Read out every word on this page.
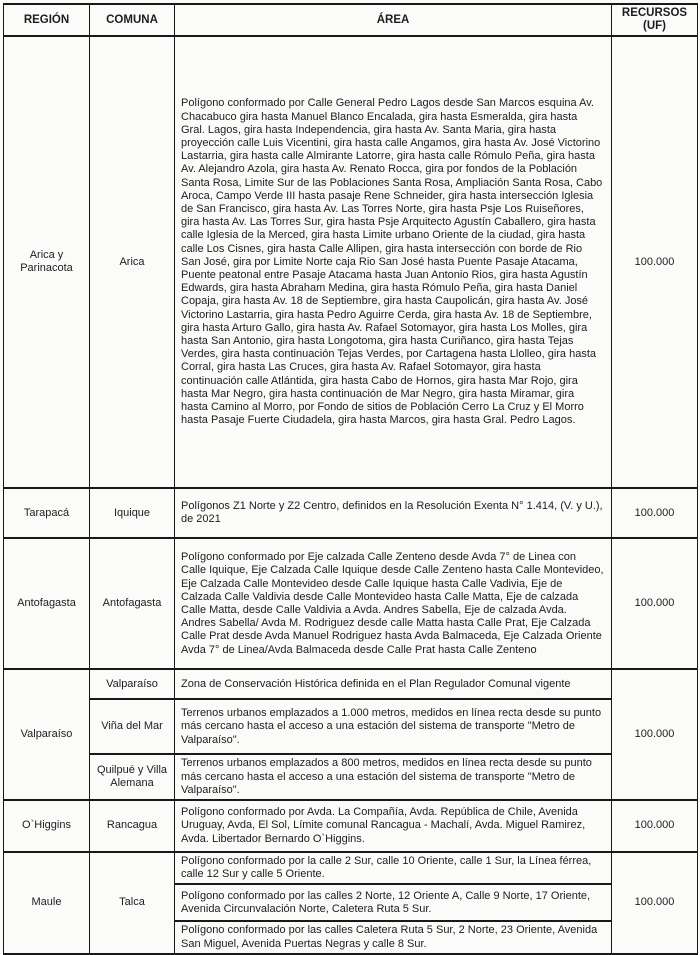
REGIÓN	COMUNA	ÁREA	RECURSOS (UF)
Arica y Parinacota	Arica	Polígono conformado por Calle General Pedro Lagos desde San Marcos esquina Av. Chacabuco gira hasta Manuel Blanco Encalada, gira hasta Esmeralda, gira hasta Gral. Lagos, gira hasta Independencia, gira hasta Av. Santa Maria, gira hasta proyección calle Luis Vicentini, gira hasta calle Angamos, gira hasta Av. José Victorino Lastarria, gira hasta calle Almirante Latorre, gira hasta calle Rómulo Peña, gira hasta Av. Alejandro Azola, gira hasta Av. Renato Rocca, gira por fondos de la Población Santa Rosa, Limite Sur de las Poblaciones Santa Rosa, Ampliación Santa Rosa, Cabo Aroca, Campo Verde III hasta pasaje Rene Schneider, gira hasta intersección Iglesia de San Francisco, gira hasta Av. Las Torres Norte, gira hasta Psje Los Ruiseñores, gira hasta Av. Las Torres Sur, gira hasta Psje Arquitecto Agustín Caballero, gira hasta calle Iglesia de la Merced, gira hasta Limite urbano Oriente de la ciudad, gira hasta calle Los Cisnes, gira hasta Calle Allipen, gira hasta intersección con borde de Rio San José, gira por Limite Norte caja Rio San José hasta Puente Pasaje Atacama, Puente peatonal entre Pasaje Atacama hasta Juan Antonio Rios, gira hasta Agustín Edwards, gira hasta Abraham Medina, gira hasta Rómulo Peña, gira hasta Daniel Copaja, gira hasta Av. 18 de Septiembre, gira hasta Caupolicán, gira hasta Av. José Victorino Lastarria, gira hasta Pedro Aguirre Cerda, gira hasta Av. 18 de Septiembre, gira hasta Arturo Gallo, gira hasta Av. Rafael Sotomayor, gira hasta Los Molles, gira hasta San Antonio, gira hasta Longotoma, gira hasta Curiñanco, gira hasta Tejas Verdes, gira hasta continuación Tejas Verdes, por Cartagena hasta Llolleo, gira hasta Corral, gira hasta Las Cruces, gira hasta Av. Rafael Sotomayor, gira hasta continuación calle Atlántida, gira hasta Cabo de Hornos, gira hasta Mar Rojo, gira hasta Mar Negro, gira hasta continuación de Mar Negro, gira hasta Miramar, gira hasta Camino al Morro, por Fondo de sitios de Población Cerro La Cruz y El Morro hasta Pasaje Fuerte Ciudadela, gira hasta Marcos, gira hasta Gral. Pedro Lagos.	100.000
Tarapacá	Iquique	Polígonos Z1 Norte y Z2 Centro, definidos en la Resolución Exenta N° 1.414, (V. y U.), de 2021	100.000
Antofagasta	Antofagasta	Polígono conformado por Eje calzada Calle Zenteno desde Avda 7° de Linea con Calle Iquique, Eje Calzada Calle Iquique desde Calle Zenteno hasta Calle Montevideo, Eje Calzada Calle Montevideo desde Calle Iquique hasta Calle Vadivia, Eje de Calzada Calle Valdivia desde Calle Montevideo hasta Calle Matta, Eje de calzada Calle Matta, desde Calle Valdivia a Avda. Andres Sabella, Eje de calzada Avda. Andres Sabella/ Avda M. Rodriguez desde calle Matta hasta Calle Prat, Eje Calzada Calle Prat desde Avda Manuel Rodriguez hasta Avda Balmaceda, Eje Calzada Oriente Avda 7° de Linea/Avda Balmaceda desde Calle Prat hasta Calle Zenteno	100.000
Valparaíso	Valparaíso	Zona de Conservación Histórica definida en el Plan Regulador Comunal vigente	100.000
	Viña del Mar	Terrenos urbanos emplazados a 1.000 metros, medidos en línea recta desde su punto más cercano hasta el acceso a una estación del sistema de transporte "Metro de Valparaíso".	
	Quilpué y Villa Alemana	Terrenos urbanos emplazados a 800 metros, medidos en línea recta desde su punto más cercano hasta el acceso a una estación del sistema de transporte "Metro de Valparaíso".	
O`Higgins	Rancagua	Polígono conformado por Avda. La Compañía, Avda. República de Chile, Avenida Uruguay, Avda, El Sol, Límite comunal Rancagua - Machalí, Avda. Miguel Ramirez, Avda. Libertador Bernardo O`Higgins.	100.000
Maule	Talca	Polígono conformado por la calle 2 Sur, calle 10 Oriente, calle 1 Sur, la Línea férrea, calle 12 Sur y calle 5 Oriente.	100.000
		Polígono conformado por las calles 2 Norte, 12 Oriente A, Calle 9 Norte, 17 Oriente, Avenida Circunvalación Norte, Caletera Ruta 5 Sur.	
		Polígono conformado por las calles Caletera Ruta 5 Sur, 2 Norte, 23 Oriente, Avenida San Miguel, Avenida Puertas Negras y calle 8 Sur.	
